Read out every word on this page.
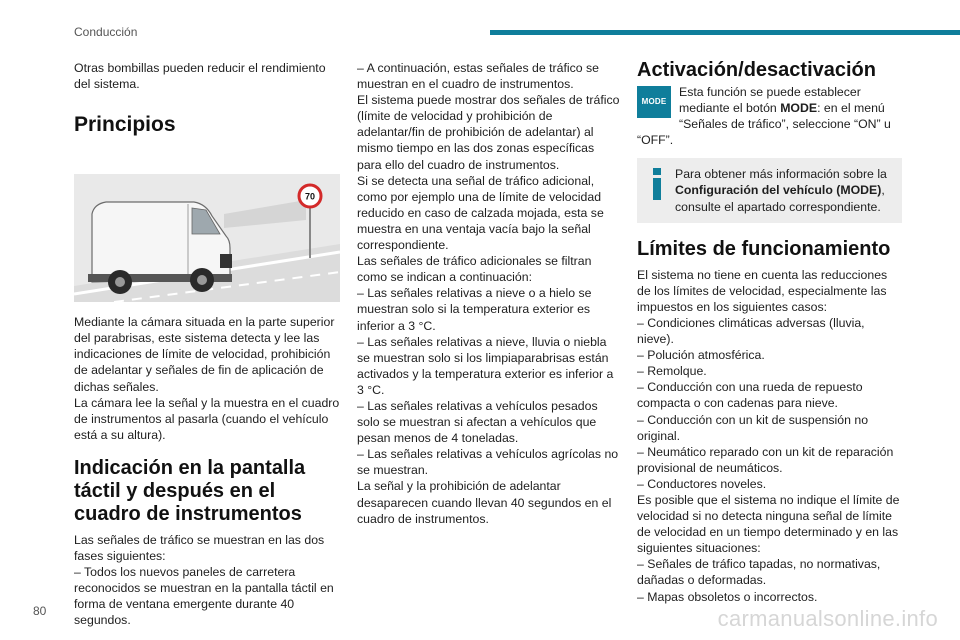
Conducción

Otras bombillas pueden reducir el rendimiento del sistema.

Principios
70

Mediante la cámara situada en la parte superior del parabrisas, este sistema detecta y lee las indicaciones de límite de velocidad, prohibición de adelantar y señales de fin de aplicación de dichas señales.

La cámara lee la señal y la muestra en el cuadro de instrumentos al pasarla (cuando el vehículo está a su altura).

Indicación en la pantalla táctil y después en el cuadro de instrumentos

Las señales de tráfico se muestran en las dos fases siguientes:

– Todos los nuevos paneles de carretera reconocidos se muestran en la pantalla táctil en forma de ventana emergente durante 40 segundos.

– A continuación, estas señales de tráfico se muestran en el cuadro de instrumentos.

El sistema puede mostrar dos señales de tráfico (límite de velocidad y prohibición de adelantar/fin de prohibición de adelantar) al mismo tiempo en las dos zonas específicas para ello del cuadro de instrumentos.

Si se detecta una señal de tráfico adicional, como por ejemplo una de límite de velocidad reducido en caso de calzada mojada, esta se muestra en una ventaja vacía bajo la señal correspondiente.

Las señales de tráfico adicionales se filtran como se indican a continuación:

– Las señales relativas a nieve o a hielo se muestran solo si la temperatura exterior es inferior a 3 °C.

– Las señales relativas a nieve, lluvia o niebla se muestran solo si los limpiaparabrisas están activados y la temperatura exterior es inferior a 3 °C.

– Las señales relativas a vehículos pesados solo se muestran si afectan a vehículos que pesan menos de 4 toneladas.

– Las señales relativas a vehículos agrícolas no se muestran.

La señal y la prohibición de adelantar desaparecen cuando llevan 40 segundos en el cuadro de instrumentos.

Activación/desactivación
MODE

Esta función se puede establecer mediante el botón MODE: en el menú “Señales de tráfico”, seleccione “ON” u “OFF”.

Para obtener más información sobre la Configuración del vehículo (MODE), consulte el apartado correspondiente.

Límites de funcionamiento

El sistema no tiene en cuenta las reducciones de los límites de velocidad, especialmente las impuestos en los siguientes casos:

– Condiciones climáticas adversas (lluvia, nieve).

– Polución atmosférica.

– Remolque.

– Conducción con una rueda de repuesto compacta o con cadenas para nieve.

– Conducción con un kit de suspensión no original.

– Neumático reparado con un kit de reparación provisional de neumáticos.

– Conductores noveles.

Es posible que el sistema no indique el límite de velocidad si no detecta ninguna señal de límite de velocidad en un tiempo determinado y en las siguientes situaciones:

– Señales de tráfico tapadas, no normativas, dañadas o deformadas.

– Mapas obsoletos o incorrectos.

80	carmanualsonline.info
